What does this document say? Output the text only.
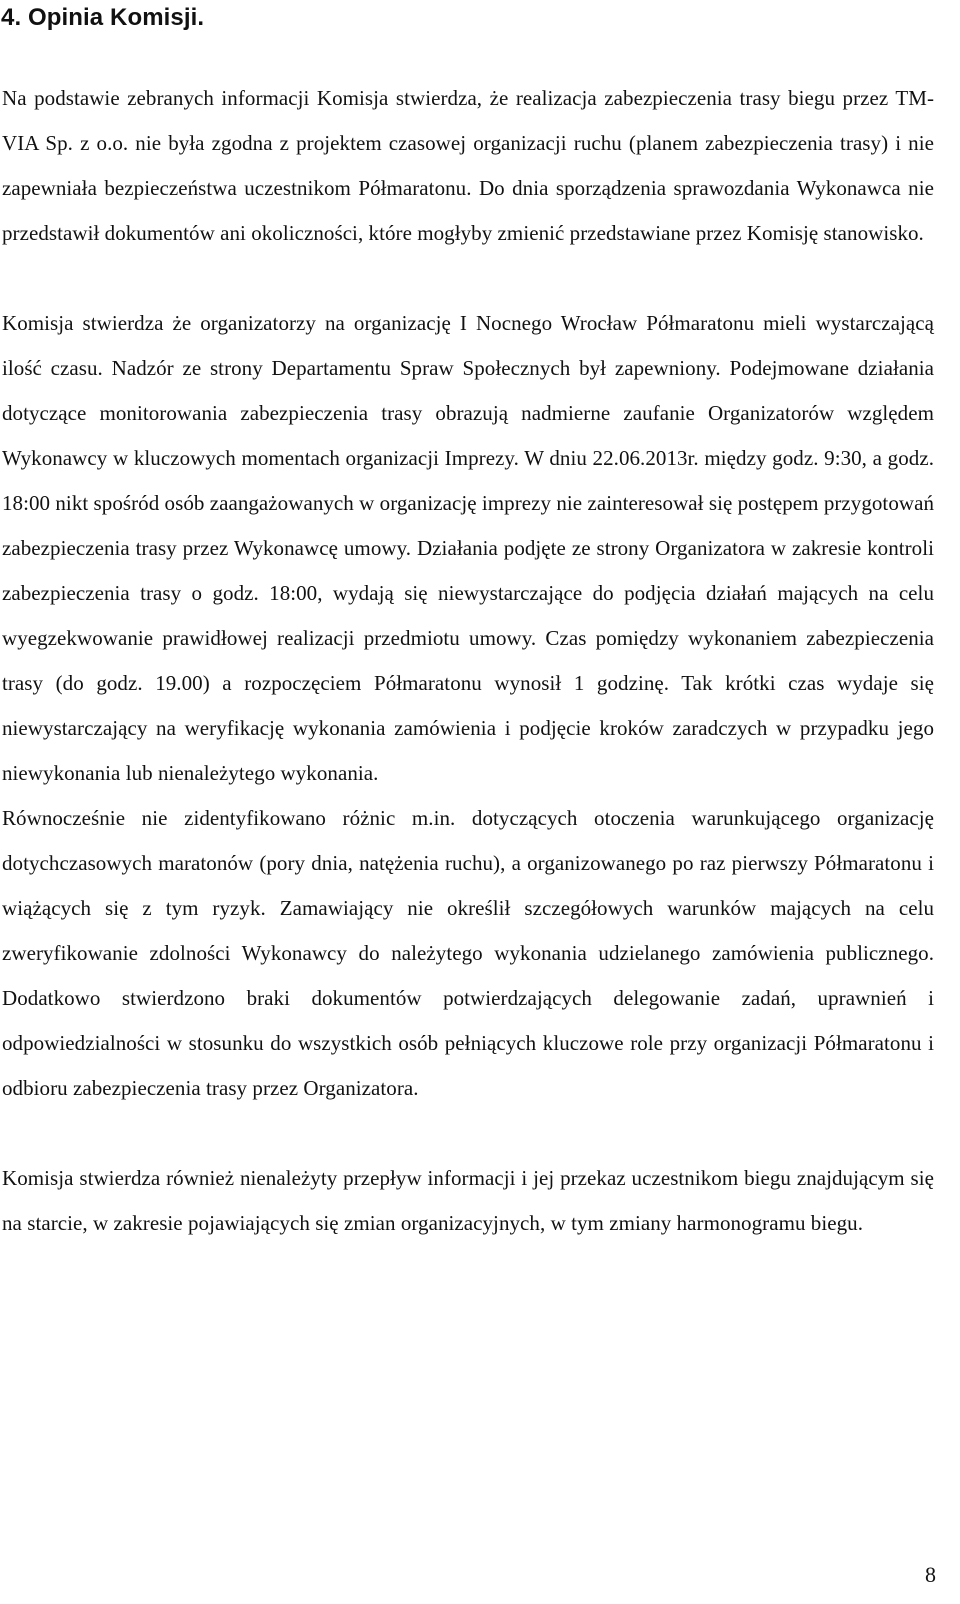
4. Opinia Komisji.

Na podstawie zebranych informacji Komisja stwierdza, że realizacja zabezpieczenia trasy biegu przez TM-VIA Sp. z o.o. nie była zgodna z projektem czasowej organizacji ruchu (planem zabezpieczenia trasy) i nie zapewniała bezpieczeństwa uczestnikom Półmaratonu. Do dnia sporządzenia sprawozdania Wykonawca nie przedstawił dokumentów ani okoliczności, które mogłyby zmienić przedstawiane przez Komisję stanowisko.

Komisja stwierdza że organizatorzy na organizację I Nocnego Wrocław Półmaratonu mieli wystarczającą ilość czasu. Nadzór ze strony Departamentu Spraw Społecznych był zapewniony. Podejmowane działania dotyczące monitorowania zabezpieczenia trasy obrazują nadmierne zaufanie Organizatorów względem Wykonawcy w kluczowych momentach organizacji Imprezy. W dniu 22.06.2013r. między godz. 9:30, a godz. 18:00 nikt spośród osób zaangażowanych w organizację imprezy nie zainteresował się postępem przygotowań zabezpieczenia trasy przez Wykonawcę umowy. Działania podjęte ze strony Organizatora w zakresie kontroli zabezpieczenia trasy o godz. 18:00, wydają się niewystarczające do podjęcia działań mających na celu wyegzekwowanie prawidłowej realizacji przedmiotu umowy. Czas pomiędzy wykonaniem zabezpieczenia trasy (do godz. 19.00) a rozpoczęciem Półmaratonu wynosił 1 godzinę. Tak krótki czas wydaje się niewystarczający na weryfikację wykonania zamówienia i podjęcie kroków zaradczych w przypadku jego niewykonania lub nienależytego wykonania.

Równocześnie nie zidentyfikowano różnic m.in. dotyczących otoczenia warunkującego organizację dotychczasowych maratonów (pory dnia, natężenia ruchu), a organizowanego po raz pierwszy Półmaratonu i wiążących się z tym ryzyk. Zamawiający nie określił szczegółowych warunków mających na celu zweryfikowanie zdolności Wykonawcy do należytego wykonania udzielanego zamówienia publicznego. Dodatkowo stwierdzono braki dokumentów potwierdzających delegowanie zadań, uprawnień i odpowiedzialności w stosunku do wszystkich osób pełniących kluczowe role przy organizacji Półmaratonu i odbioru zabezpieczenia trasy przez Organizatora.

Komisja stwierdza również nienależyty przepływ informacji i jej przekaz uczestnikom biegu znajdującym się na starcie, w zakresie pojawiających się zmian organizacyjnych, w tym zmiany harmonogramu biegu.

8
